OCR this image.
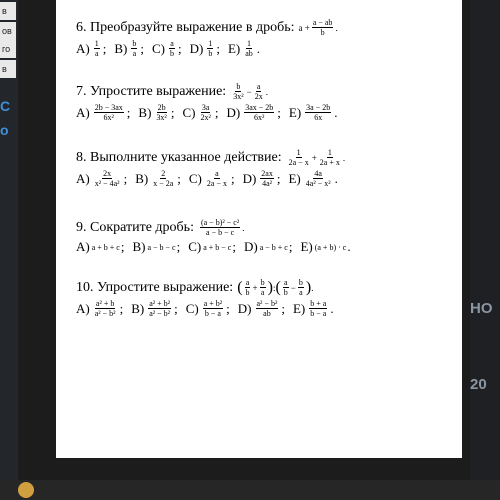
в
ов
го
в
С
о
НО
20
6. Преобразуйте выражение в дробь: $a + \frac{a - ab}{b}$ .
$A) \frac{1}{a}$ ; $B) \frac{b}{a}$ ; $C) \frac{a}{b}$ ; $D) \frac{1}{b}$ ; $E) \frac{1}{ab}$ .
7. Упростите выражение: $\frac{b}{\text{3x²}} - \frac{a}{2x}$ .
$A) \frac{2b - 3ax}{\text{6x²}}$ ; $B) \frac{2b}{\text{3x²}}$ ; $C) \frac{3a}{\text{2x²}}$ ; $D) \frac{3ax - 2b}{\text{6x²}}$ ; $E) \frac{3a - 2b}{6x}$ .
8. Выполните указанное действие: $\frac{1}{2a - x} + \frac{1}{2a + x}$ .
$A) \frac{2x}{\text{x² − 4a²}}$ ; $B) \frac{2}{x - 2a}$ ; $C) \frac{a}{2a - x}$ ; $D) \frac{2ax}{\text{4a²}}$ ; $E) \frac{4a}{\text{4a² − x²}}$ .
9. Сократите дробь: $\frac{\text{(a − b)² − c²}}{a - b - c}$ .
A) a + b + c ; B) a − b − c ; C) a + b − c ; D) a − b + c ; E) (a + b) · c .
10. Упростите выражение: ( $\frac{a}{b} + \frac{b}{a}$ ) : ( $\frac{a}{b} - \frac{b}{a}$ ) .
$A) \frac{\text{a² + b}}{\text{a² − b²}}$ ; $B) \frac{\text{a² + b²}}{\text{a² − b²}}$ ; $C) \frac{\text{a + b²}}{b - a}$ ; $D) \frac{\text{a² − b²}}{ab}$ ; $E) \frac{b + a}{b - a}$ .
